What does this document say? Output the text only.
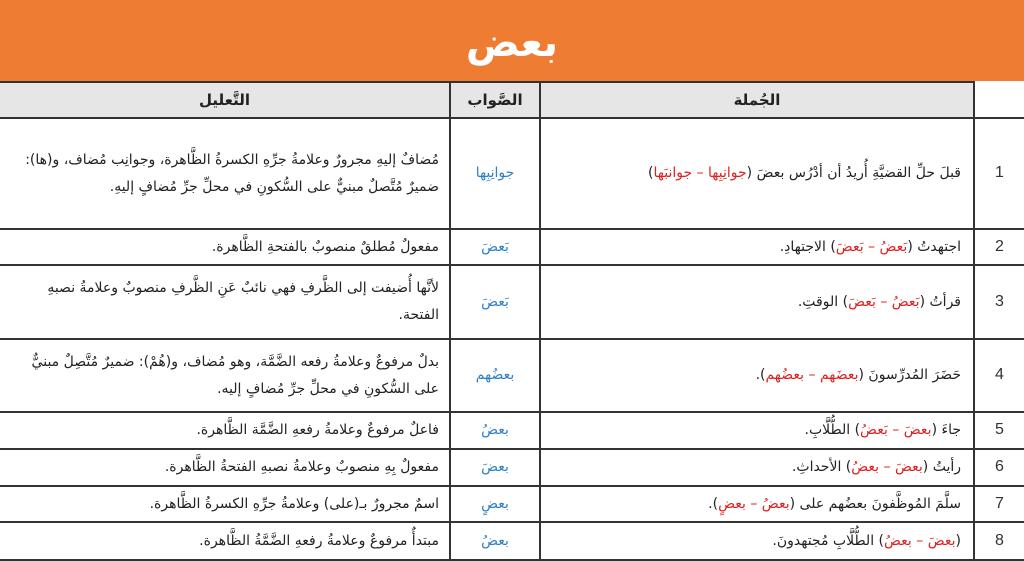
بعض
	الجُملة	الصَّواب	التَّعليل
1	قبلَ حلِّ القضيَّةِ أُريدُ أن أدْرُس بعضَ (جوانِبِها – جوانبَها)	جوانِبِها	مُضافٌ إليهِ مجرورٌ وعلامةُ جرِّهِ الكسرةُ الظَّاهرة، وجوانِب مُضاف، و(ها): ضميرٌ مُتَّصلٌ مبنيٌّ على السُّكونِ في محلِّ جرِّ مُضافٍ إليهِ.
2	اجتهدتُ (بَعضُ – بَعضَ) الاجتهادِ.	بَعضَ	مفعولٌ مُطلقٌ منصوبٌ بالفتحةِ الظَّاهرة.
3	قرأتُ (بَعضُ – بَعضَ) الوقتِ.	بَعضَ	لأنَّها أُضيفت إلى الظَّرفِ فهي نائبٌ عَنِ الظَّرفِ منصوبٌ وعلامةُ نصبهِ الفتحة.
4	حَضَرَ المُدرِّسونَ (بعضَهم – بعضُهم).	بعضُهم	بدلٌ مرفوعٌ وعلامةُ رفعه الضَّمَّة، وهو مُضاف، و(هُمْ): ضميرٌ مُتَّصِلٌ مبنيٌّ على السُّكونِ في محلِّ جرِّ مُضافٍ إليه.
5	جاءَ (بعضَ – بَعضُ) الطُّلَّابِ.	بعضُ	فاعلٌ مرفوعٌ وعلامةُ رفعهِ الضَّمَّة الظَّاهرة.
6	رأيتُ (بعضَ – بعضُ) الأحداثِ.	بعضَ	مفعولٌ بِهِ منصوبٌ وعلامةُ نصبهِ الفتحةُ الظَّاهرة.
7	سلَّمَ المُوظَّفونَ بعضُهم على (بعضُ – بعضٍ).	بعضٍ	اسمٌ مجرورٌ بـ(على) وعلامةُ جرِّهِ الكسرةُ الظَّاهرة.
8	(بعضَ – بعضُ) الطُّلَّابِ مُجتهدونَ.	بعضُ	مبتدأٌ مرفوعٌ وعلامةُ رفعهِ الضَّمَّةُ الظَّاهرة.
